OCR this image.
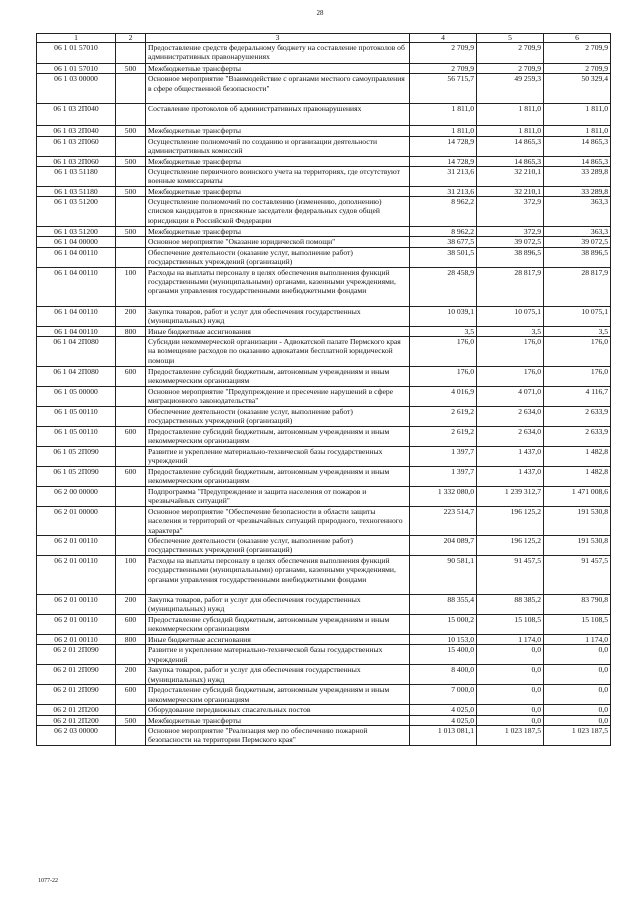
28
1	2	3	4	5	6
06 1 01 57010		Предоставление средств федеральному бюджету на составление протоколов об административных правонарушениях	2 709,9	2 709,9	2 709,9
06 1 01 57010	500	Межбюджетные трансферты	2 709,9	2 709,9	2 709,9
06 1 03 00000		Основное мероприятие "Взаимодействие с органами местного самоуправления в сфере общественной безопасности"	56 715,7	49 259,3	50 329,4
06 1 03 2П040		Составление протоколов об административных правонарушениях	1 811,0	1 811,0	1 811,0
06 1 03 2П040	500	Межбюджетные трансферты	1 811,0	1 811,0	1 811,0
06 1 03 2П060		Осуществление полномочий по созданию и организации деятельности административных комиссий	14 728,9	14 865,3	14 865,3
06 1 03 2П060	500	Межбюджетные трансферты	14 728,9	14 865,3	14 865,3
06 1 03 51180		Осуществление первичного воинского учета на территориях, где отсутствуют военные комиссариаты	31 213,6	32 210,1	33 289,8
06 1 03 51180	500	Межбюджетные трансферты	31 213,6	32 210,1	33 289,8
06 1 03 51200		Осуществление полномочий по составлению (изменению, дополнению) списков кандидатов в присяжные заседатели федеральных судов общей юрисдикции в Российской Федерации	8 962,2	372,9	363,3
06 1 03 51200	500	Межбюджетные трансферты	8 962,2	372,9	363,3
06 1 04 00000		Основное мероприятие "Оказание юридической помощи"	38 677,5	39 072,5	39 072,5
06 1 04 00110		Обеспечение деятельности (оказание услуг, выполнение работ) государственных учреждений (организаций)	38 501,5	38 896,5	38 896,5
06 1 04 00110	100	Расходы на выплаты персоналу в целях обеспечения выполнения функций государственными (муниципальными) органами, казенными учреждениями, органами управления государственными внебюджетными фондами	28 458,9	28 817,9	28 817,9
06 1 04 00110	200	Закупка товаров, работ и услуг для обеспечения государственных (муниципальных) нужд	10 039,1	10 075,1	10 075,1
06 1 04 00110	800	Иные бюджетные ассигнования	3,5	3,5	3,5
06 1 04 2П080		Субсидии некоммерческой организации - Адвокатской палате Пермского края на возмещение расходов по оказанию адвокатами бесплатной юридической помощи	176,0	176,0	176,0
06 1 04 2П080	600	Предоставление субсидий бюджетным, автономным учреждениям и иным некоммерческим организациям	176,0	176,0	176,0
06 1 05 00000		Основное мероприятие "Предупреждение и пресечение нарушений в сфере миграционного законодательства"	4 016,9	4 071,0	4 116,7
06 1 05 00110		Обеспечение деятельности (оказание услуг, выполнение работ) государственных учреждений (организаций)	2 619,2	2 634,0	2 633,9
06 1 05 00110	600	Предоставление субсидий бюджетным, автономным учреждениям и иным некоммерческим организациям	2 619,2	2 634,0	2 633,9
06 1 05 2П090		Развитие и укрепление материально-технической базы государственных учреждений	1 397,7	1 437,0	1 482,8
06 1 05 2П090	600	Предоставление субсидий бюджетным, автономным учреждениям и иным некоммерческим организациям	1 397,7	1 437,0	1 482,8
06 2 00 00000		Подпрограмма "Предупреждение и защита населения от пожаров и чрезвычайных ситуаций"	1 332 080,0	1 239 312,7	1 471 008,6
06 2 01 00000		Основное мероприятие "Обеспечение безопасности в области защиты населения и территорий от чрезвычайных ситуаций природного, техногенного характера"	223 514,7	196 125,2	191 530,8
06 2 01 00110		Обеспечение деятельности (оказание услуг, выполнение работ) государственных учреждений (организаций)	204 089,7	196 125,2	191 530,8
06 2 01 00110	100	Расходы на выплаты персоналу в целях обеспечения выполнения функций государственными (муниципальными) органами, казенными учреждениями, органами управления государственными внебюджетными фондами	90 581,1	91 457,5	91 457,5
06 2 01 00110	200	Закупка товаров, работ и услуг для обеспечения государственных (муниципальных) нужд	88 355,4	88 385,2	83 790,8
06 2 01 00110	600	Предоставление субсидий бюджетным, автономным учреждениям и иным некоммерческим организациям	15 000,2	15 108,5	15 108,5
06 2 01 00110	800	Иные бюджетные ассигнования	10 153,0	1 174,0	1 174,0
06 2 01 2П090		Развитие и укрепление материально-технической базы государственных учреждений	15 400,0	0,0	0,0
06 2 01 2П090	200	Закупка товаров, работ и услуг для обеспечения государственных (муниципальных) нужд	8 400,0	0,0	0,0
06 2 01 2П090	600	Предоставление субсидий бюджетным, автономным учреждениям и иным некоммерческим организациям	7 000,0	0,0	0,0
06 2 01 2П200		Оборудование передвижных спасательных постов	4 025,0	0,0	0,0
06 2 01 2П200	500	Межбюджетные трансферты	4 025,0	0,0	0,0
06 2 03 00000		Основное мероприятие "Реализация мер по обеспечению пожарной безопасности на территории Пермского края"	1 013 081,1	1 023 187,5	1 023 187,5
1077-22
